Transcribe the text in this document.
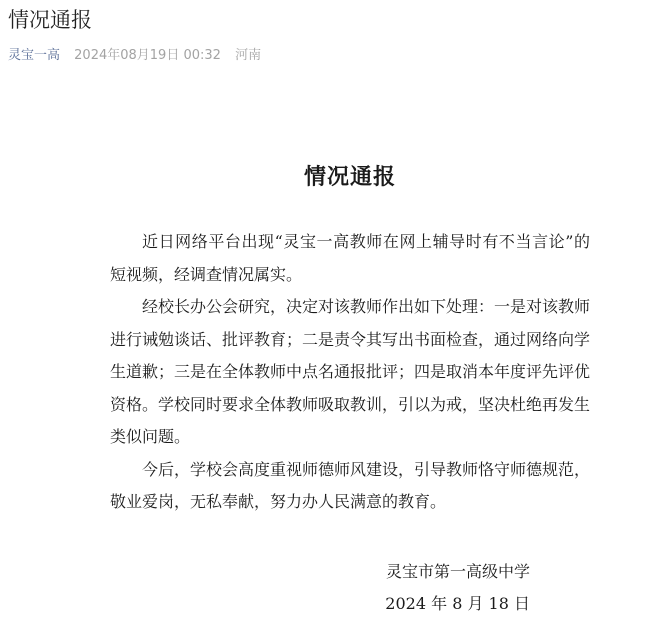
情况通报
灵宝一高 2024年08月19日 00:32 河南
情况通报

近日网络平台出现“灵宝一高教师在网上辅导时有不当言论”的短视频，经调查情况属实。

经校长办公会研究，决定对该教师作出如下处理：一是对该教师进行诫勉谈话、批评教育；二是责令其写出书面检查，通过网络向学生道歉；三是在全体教师中点名通报批评；四是取消本年度评先评优资格。学校同时要求全体教师吸取教训，引以为戒，坚决杜绝再发生类似问题。

今后，学校会高度重视师德师风建设，引导教师恪守师德规范，敬业爱岗，无私奉献，努力办人民满意的教育。

灵宝市第一高级中学
2024 年 8 月 18 日
